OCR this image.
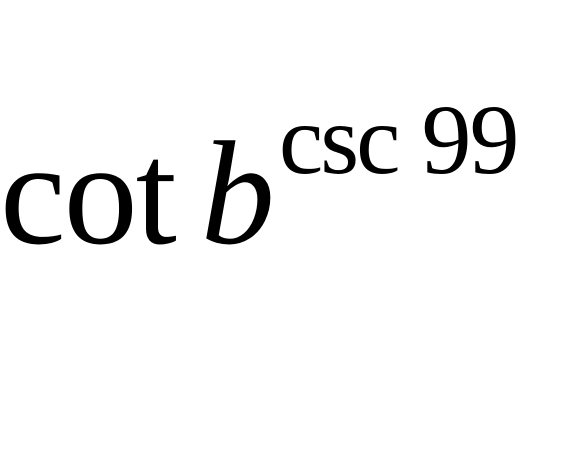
cot bcsc 99
